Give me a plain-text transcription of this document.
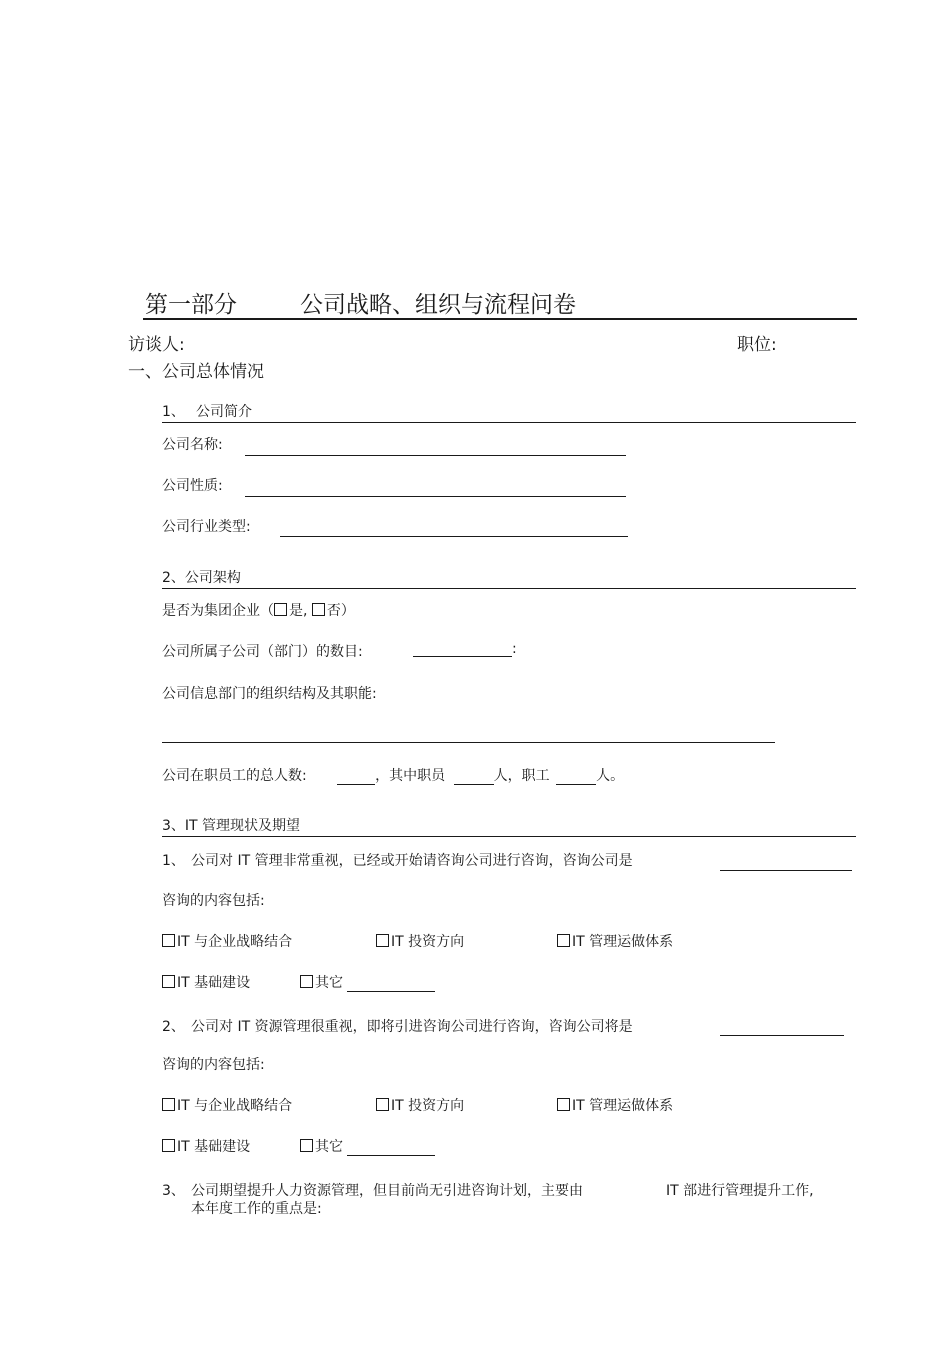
第一部分	公司战略、组织与流程问卷
访谈人:	职位:
一、公司总体情况
1、 公司简介
公司名称:
公司性质:
公司行业类型:
2、公司架构
是否为集团企业（ 是, 否）
公司所属子公司（部门）的数目:	:
公司信息部门的组织结构及其职能:
公司在职员工的总人数:	，其中职员	人，职工	人。
3、IT 管理现状及期望
1、 公司对 IT 管理非常重视，已经或开始请咨询公司进行咨询，咨询公司是
咨询的内容包括:
IT 与企业战略结合	IT 投资方向	IT 管理运做体系
IT 基础建设	其它
2、 公司对 IT 资源管理很重视，即将引进咨询公司进行咨询，咨询公司将是
咨询的内容包括:
IT 与企业战略结合	IT 投资方向	IT 管理运做体系
IT 基础建设	其它
3、 公司期望提升人力资源管理，但目前尚无引进咨询计划，主要由	IT 部进行管理提升工作,
本年度工作的重点是:
